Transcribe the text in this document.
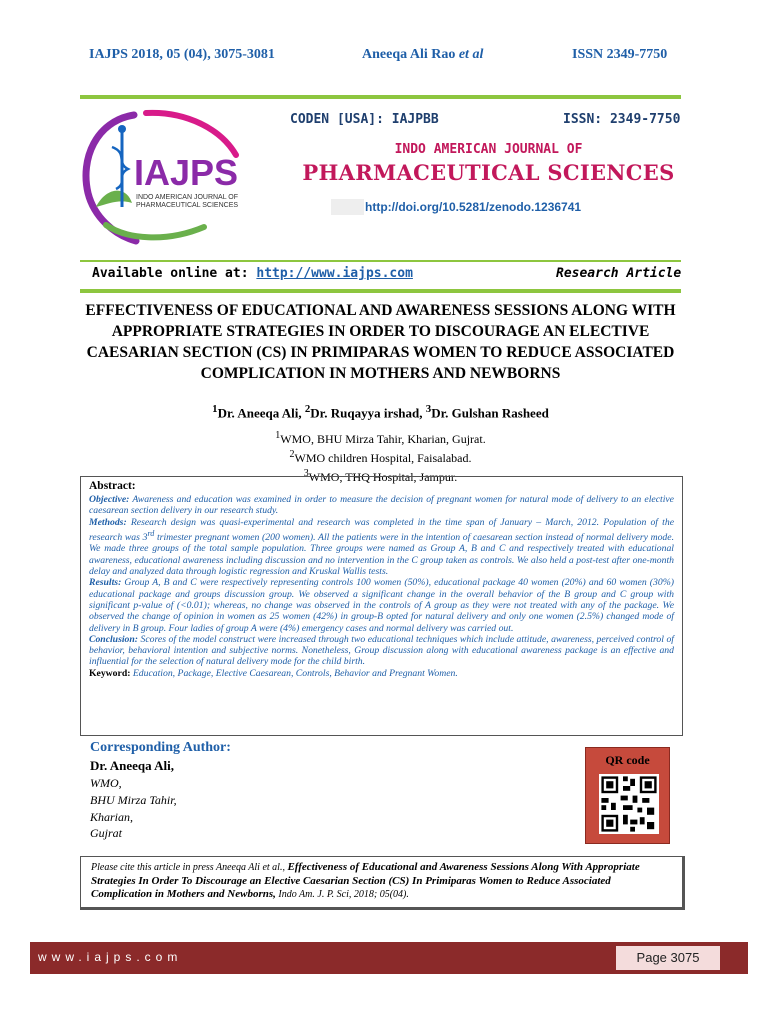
IAJPS 2018, 05 (04), 3075-3081	Aneeqa Ali Rao et al	ISSN 2349-7750
IAJPS
INDO AMERICAN JOURNAL OF
PHARMACEUTICAL SCIENCES
CODEN [USA]: IAJPBB	ISSN: 2349-7750
INDO AMERICAN JOURNAL OF
PHARMACEUTICAL SCIENCES
http://doi.org/10.5281/zenodo.1236741
Available online at: http://www.iajps.com	Research Article
EFFECTIVENESS OF EDUCATIONAL AND AWARENESS SESSIONS ALONG WITH APPROPRIATE STRATEGIES IN ORDER TO DISCOURAGE AN ELECTIVE CAESARIAN SECTION (CS) IN PRIMIPARAS WOMEN TO REDUCE ASSOCIATED COMPLICATION IN MOTHERS AND NEWBORNS
$^1$Dr. Aneeqa Ali, $^2$Dr. Ruqayya irshad, $^3$Dr. Gulshan Rasheed
$^1$WMO, BHU Mirza Tahir, Kharian, Gujrat.
$^2$WMO children Hospital, Faisalabad.
$^3$WMO, THQ Hospital, Jampur.
Abstract:

Objective: Awareness and education was examined in order to measure the decision of pregnant women for natural mode of delivery to an elective caesarean section delivery in our research study.

Methods: Research design was quasi-experimental and research was completed in the time span of January – March, 2012. Population of the research was 3rd trimester pregnant women (200 women). All the patients were in the intention of caesarean section instead of normal delivery mode. We made three groups of the total sample population. Three groups were named as Group A, B and C and respectively treated with educational awareness, educational awareness including discussion and no intervention in the C group taken as controls. We also held a post-test after one-month delay and analyzed data through logistic regression and Kruskal Wallis tests.

Results: Group A, B and C were respectively representing controls 100 women (50%), educational package 40 women (20%) and 60 women (30%) educational package and groups discussion group. We observed a significant change in the overall behavior of the B group and C group with significant p-value of (<0.01); whereas, no change was observed in the controls of A group as they were not treated with any of the package. We observed the change of opinion in women as 25 women (42%) in group-B opted for natural delivery and only one women (2.5%) changed mode of delivery in B group. Four ladies of group A were (4%) emergency cases and normal delivery was carried out.

Conclusion: Scores of the model construct were increased through two educational techniques which include attitude, awareness, perceived control of behavior, behavioral intention and subjective norms. Nonetheless, Group discussion along with educational awareness package is an effective and influential for the selection of natural delivery mode for the child birth.

Keyword: Education, Package, Elective Caesarean, Controls, Behavior and Pregnant Women.

Corresponding Author:
Dr. Aneeqa Ali,
WMO,
BHU Mirza Tahir,
Kharian,
Gujrat
QR code
Please cite this article in press Aneeqa Ali et al., Effectiveness of Educational and Awareness Sessions Along With Appropriate Strategies In Order To Discourage an Elective Caesarian Section (CS) In Primiparas Women to Reduce Associated Complication in Mothers and Newborns, Indo Am. J. P. Sci, 2018; 05(04).
www.iajps.com	Page 3075
